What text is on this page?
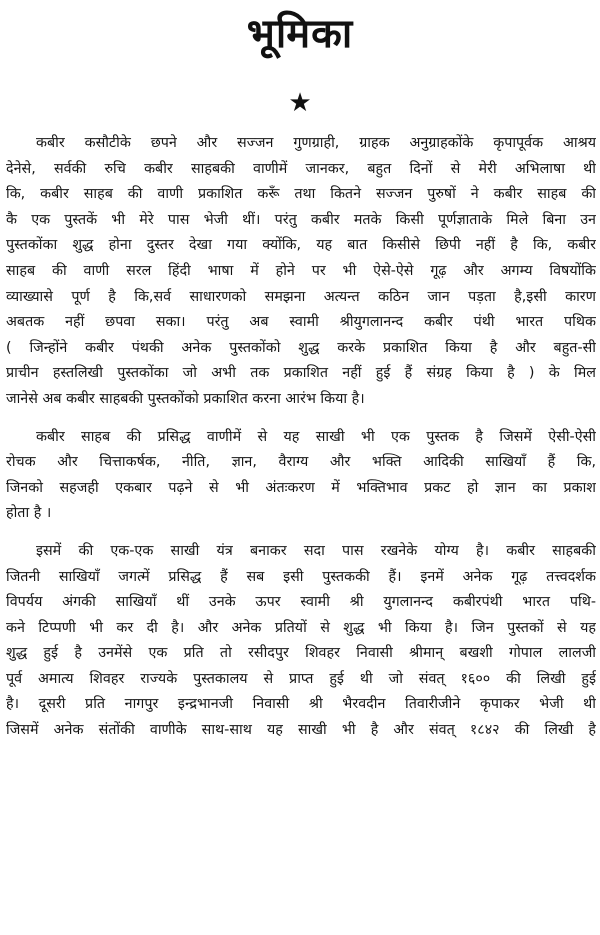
भूमिका
★
कबीर कसौटीके छपने और सज्जन गुणग्राही, ग्राहक अनुग्राहकोंके कृपापूर्वक आश्रय
देनेसे, सर्वकी रुचि कबीर साहबकी वाणीमें जानकर, बहुत दिनों से मेरी अभिलाषा थी
कि, कबीर साहब की वाणी प्रकाशित करूँ तथा कितने सज्जन पुरुषों ने कबीर साहब की
कै एक पुस्तकें भी मेरे पास भेजी थीं। परंतु कबीर मतके किसी पूर्णज्ञाताके मिले बिना उन
पुस्तकोंका शुद्ध होना दुस्तर देखा गया क्योंकि, यह बात किसीसे छिपी नहीं है कि, कबीर
साहब की वाणी सरल हिंदी भाषा में होने पर भी ऐसे-ऐसे गूढ़ और अगम्य विषयोंकि
व्याख्यासे पूर्ण है कि,सर्व साधारणको समझना अत्यन्त कठिन जान पड़ता है,इसी कारण
अबतक नहीं छपवा सका। परंतु अब स्वामी श्रीयुगलानन्द कबीर पंथी भारत पथिक
( जिन्होंने कबीर पंथकी अनेक पुस्तकोंको शुद्ध करके प्रकाशित किया है और बहुत-सी
प्राचीन हस्तलिखी पुस्तकोंका जो अभी तक प्रकाशित नहीं हुई हैं संग्रह किया है ) के मिल
जानेसे अब कबीर साहबकी पुस्तकोंको प्रकाशित करना आरंभ किया है।
कबीर साहब की प्रसिद्ध वाणीमें से यह साखी भी एक पुस्तक है जिसमें ऐसी-ऐसी
रोचक और चित्ताकर्षक, नीति, ज्ञान, वैराग्य और भक्ति आदिकी साखियाँ हैं कि,
जिनको सहजही एकबार पढ़ने से भी अंतःकरण में भक्तिभाव प्रकट हो ज्ञान का प्रकाश
होता है ।
इसमें की एक-एक साखी यंत्र बनाकर सदा पास रखनेके योग्य है। कबीर साहबकी
जितनी साखियाँ जगत्में प्रसिद्ध हैं सब इसी पुस्तककी हैं। इनमें अनेक गूढ़ तत्त्वदर्शक
विपर्यय अंगकी साखियाँ थीं उनके ऊपर स्वामी श्री युगलानन्द कबीरपंथी भारत पथि-
कने टिप्पणी भी कर दी है। और अनेक प्रतियों से शुद्ध भी किया है। जिन पुस्तकों से यह
शुद्ध हुई है उनमेंसे एक प्रति तो रसीदपुर शिवहर निवासी श्रीमान् बखशी गोपाल लालजी
पूर्व अमात्य शिवहर राज्यके पुस्तकालय से प्राप्त हुई थी जो संवत् १६०० की लिखी हुई
है। दूसरी प्रति नागपुर इन्द्रभानजी निवासी श्री भैरवदीन तिवारीजीने कृपाकर भेजी थी
जिसमें अनेक संतोंकी वाणीके साथ-साथ यह साखी भी है और संवत् १८४२ की लिखी है
